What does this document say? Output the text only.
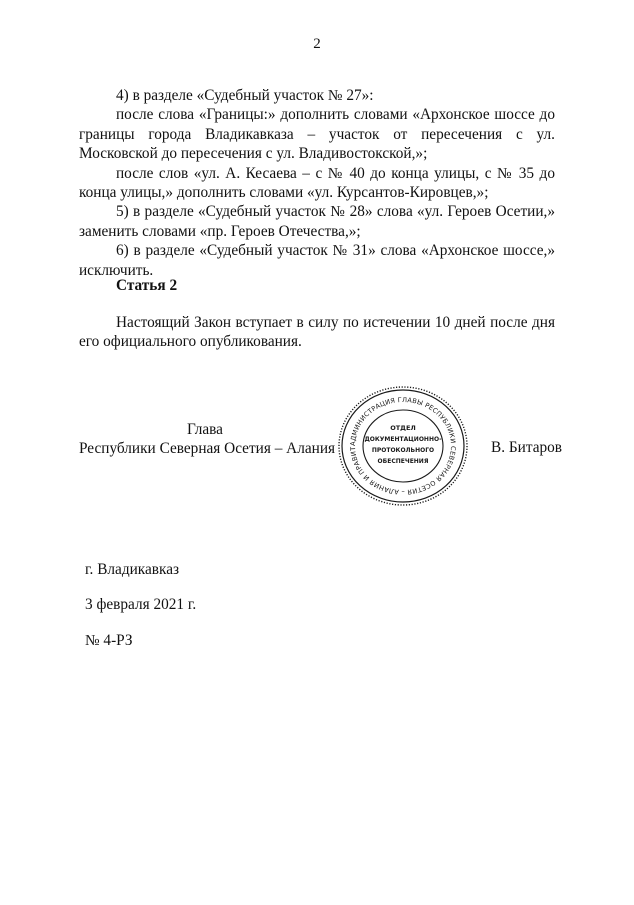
2

4) в разделе «Судебный участок № 27»:

после слова «Границы:» дополнить словами «Архонское шоссе до границы города Владикавказа – участок от пересечения с ул. Московской до пересечения с ул. Владивостокской,»;

после слов «ул. А. Кесаева – с № 40 до конца улицы, с № 35 до конца улицы,» дополнить словами «ул. Курсантов-Кировцев,»;

5) в разделе «Судебный участок № 28» слова «ул. Героев Осетии,» заменить словами «пр. Героев Отечества,»;

6) в разделе «Судебный участок № 31» слова «Архонское шоссе,» исключить.

Статья 2
Настоящий Закон вступает в силу по истечении 10 дней после дня его официального опубликования.
Глава
Республики Северная Осетия – Алания	АДМИНИСТРАЦИЯ ГЛАВЫ РЕСПУБЛИКИ СЕВЕРНАЯ ОСЕТИЯ – АЛАНИЯ И ПРАВИТ
ОТДЕЛ
ДОКУМЕНТАЦИОННО-
ПРОТОКОЛЬНОГО
ОБЕСПЕЧЕНИЯ
В. Битаров
г. Владикавказ
3 февраля 2021 г.
№ 4-РЗ
